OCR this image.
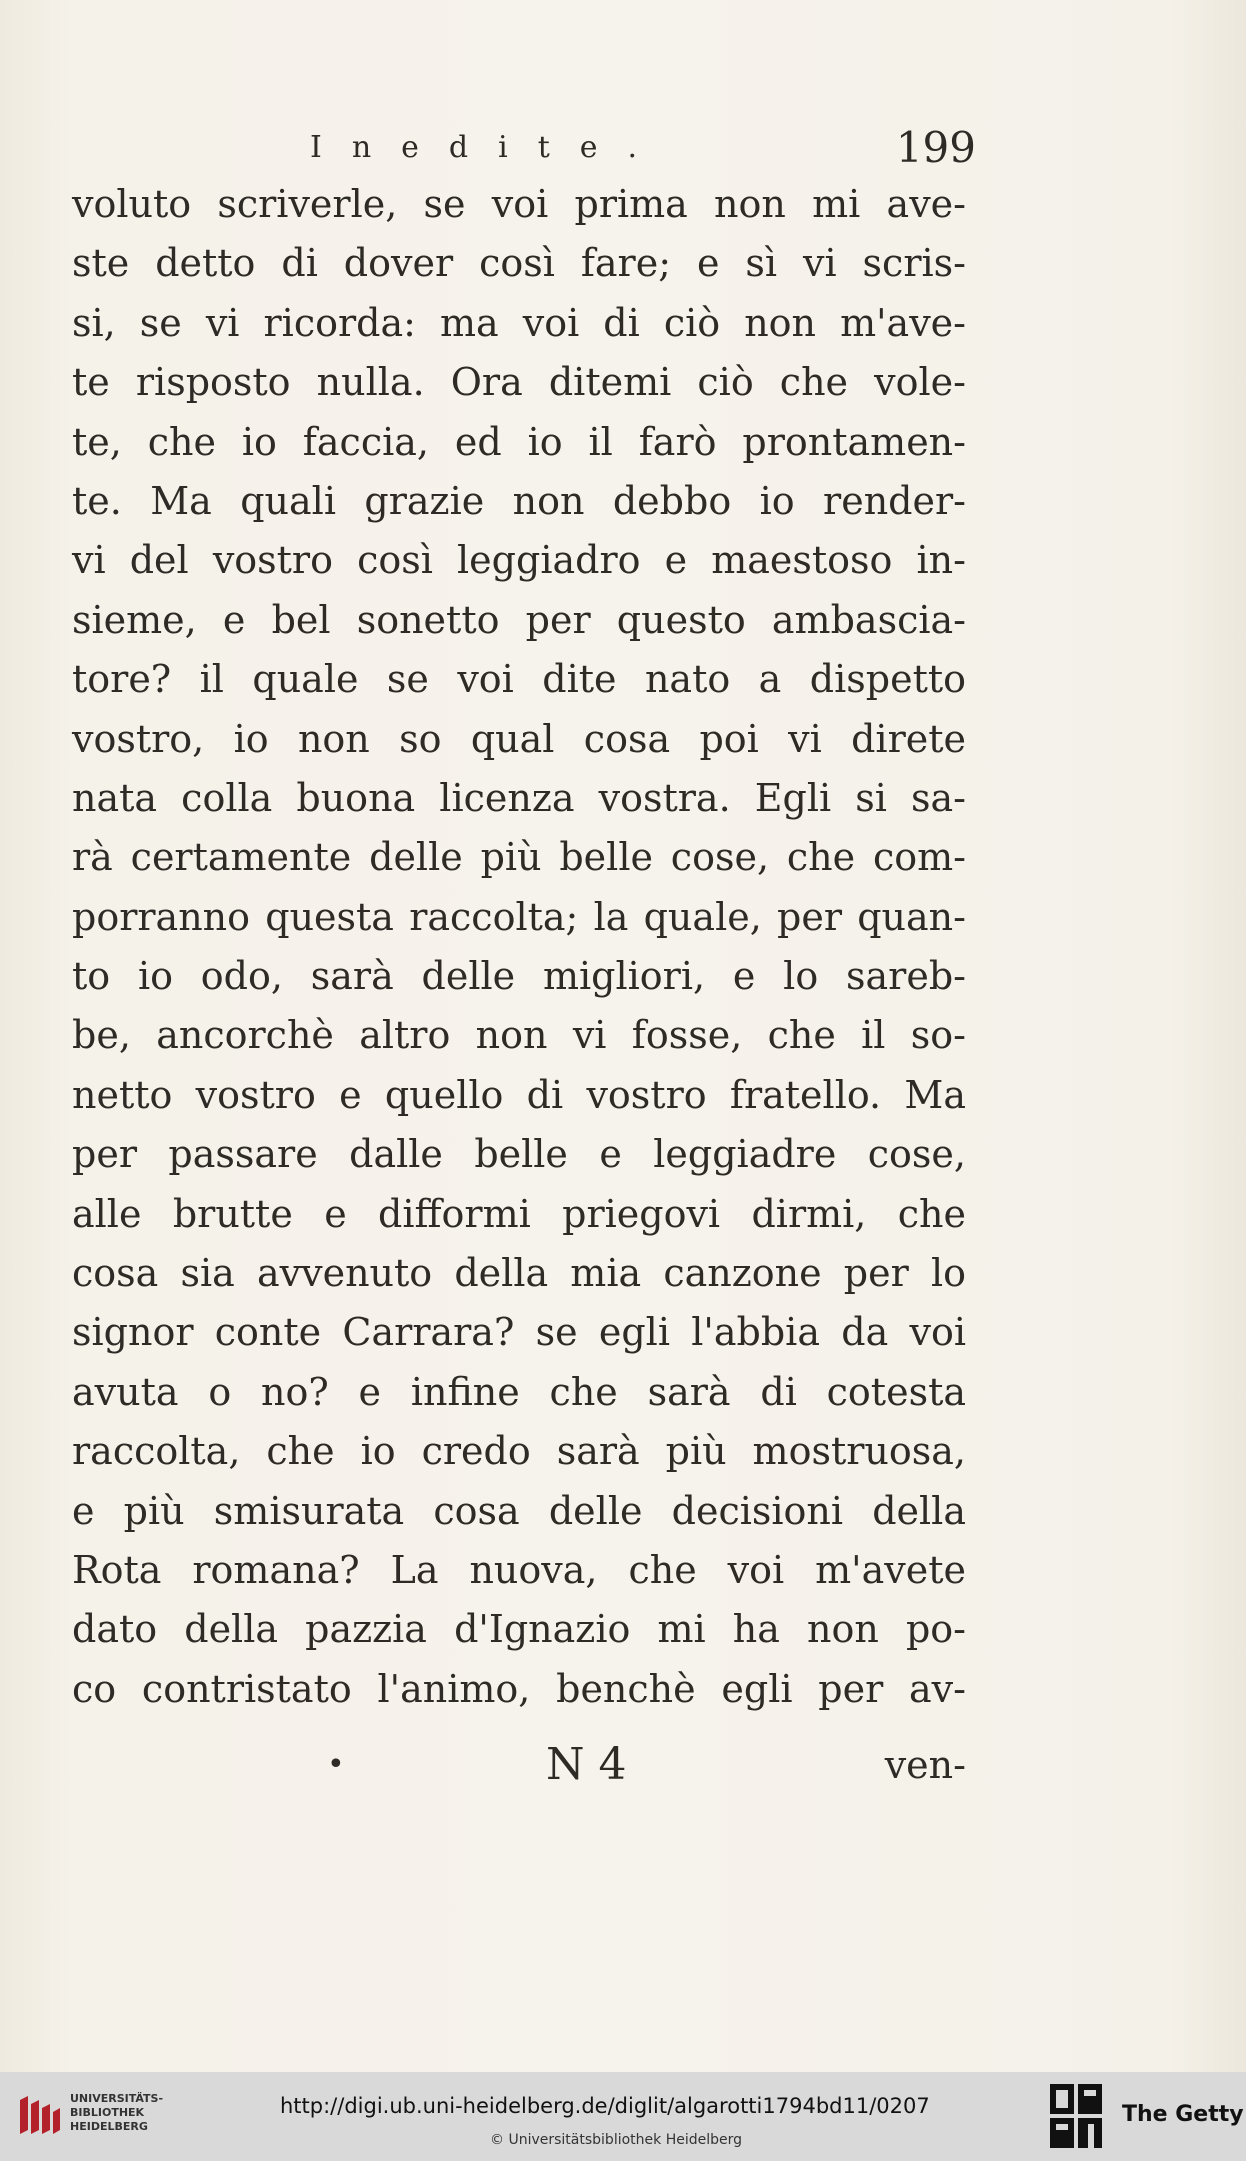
Inedite.	199
voluto scriverle, se voi prima non mi ave-
ste detto di dover così fare; e sì vi scris-
si, se vi ricorda: ma voi di ciò non m'ave-
te risposto nulla. Ora ditemi ciò che vole-
te, che io faccia, ed io il farò prontamen-
te. Ma quali grazie non debbo io render-
vi del vostro così leggiadro e maestoso in-
sieme, e bel sonetto per questo ambascia-
tore? il quale se voi dite nato a dispetto
vostro, io non so qual cosa poi vi direte
nata colla buona licenza vostra. Egli si sa-
rà certamente delle più belle cose, che com-
porranno questa raccolta; la quale, per quan-
to io odo, sarà delle migliori, e lo sareb-
be, ancorchè altro non vi fosse, che il so-
netto vostro e quello di vostro fratello. Ma
per passare dalle belle e leggiadre cose,
alle brutte e difformi priegovi dirmi, che
cosa sia avvenuto della mia canzone per lo
signor conte Carrara? se egli l'abbia da voi
avuta o no? e infine che sarà di cotesta
raccolta, che io credo sarà più mostruosa,
e più smisurata cosa delle decisioni della
Rota romana? La nuova, che voi m'avete
dato della pazzia d'Ignazio mi ha non po-
co contristato l'animo, benchè egli per av-
•	N 4	ven-
UNIVERSITÄTS-
BIBLIOTHEK
HEIDELBERG
http://digi.ub.uni-heidelberg.de/diglit/algarotti1794bd11/0207
© Universitätsbibliothek Heidelberg
The Getty
